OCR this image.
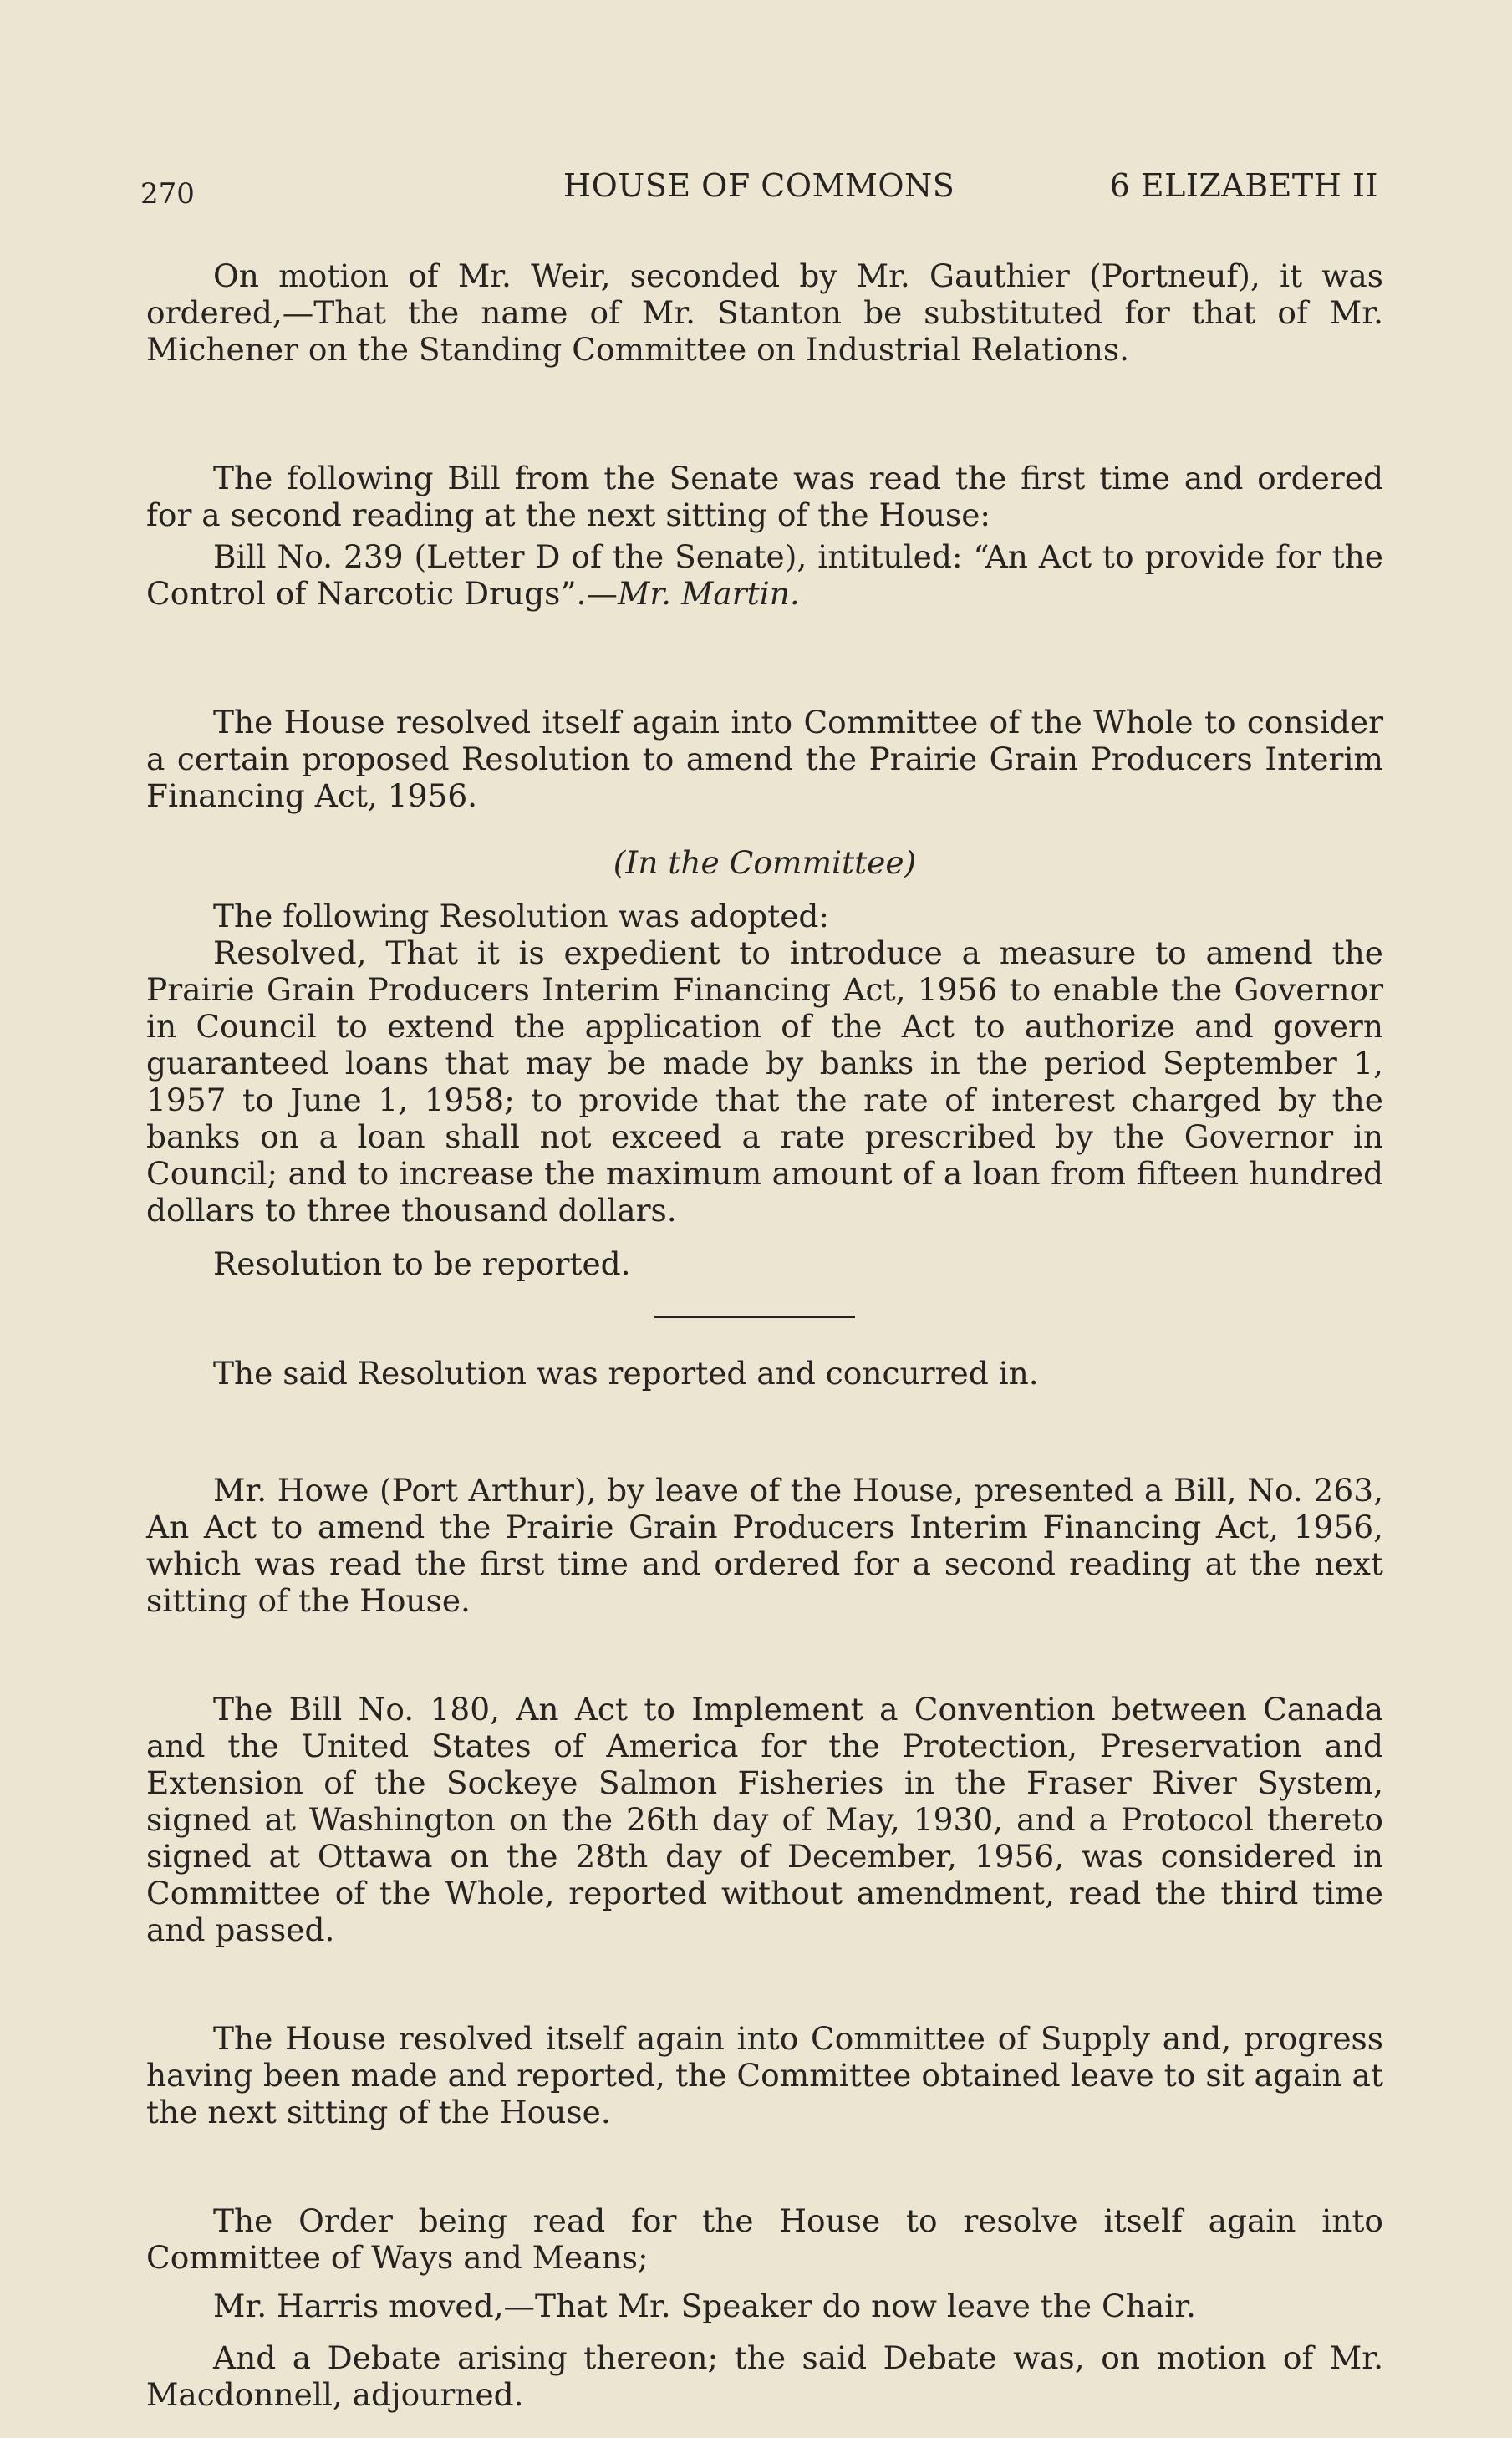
270	HOUSE OF COMMONS	6 ELIZABETH II

On motion of Mr. Weir, seconded by Mr. Gauthier (Portneuf), it was ordered,—That the name of Mr. Stanton be substituted for that of Mr. Michener on the Standing Committee on Industrial Relations.

The following Bill from the Senate was read the first time and ordered for a second reading at the next sitting of the House:

Bill No. 239 (Letter D of the Senate), intituled: “An Act to provide for the Control of Narcotic Drugs”.—Mr. Martin.

The House resolved itself again into Committee of the Whole to consider a certain proposed Resolution to amend the Prairie Grain Producers Interim Financing Act, 1956.

(In the Committee)

The following Resolution was adopted:

Resolved, That it is expedient to introduce a measure to amend the Prairie Grain Producers Interim Financing Act, 1956 to enable the Governor in Council to extend the application of the Act to authorize and govern guaranteed loans that may be made by banks in the period September 1, 1957 to June 1, 1958; to provide that the rate of interest charged by the banks on a loan shall not exceed a rate prescribed by the Governor in Council; and to increase the maximum amount of a loan from fifteen hundred dollars to three thousand dollars.

Resolution to be reported.

The said Resolution was reported and concurred in.

Mr. Howe (Port Arthur), by leave of the House, presented a Bill, No. 263, An Act to amend the Prairie Grain Producers Interim Financing Act, 1956, which was read the first time and ordered for a second reading at the next sitting of the House.

The Bill No. 180, An Act to Implement a Convention between Canada and the United States of America for the Protection, Preservation and Extension of the Sockeye Salmon Fisheries in the Fraser River System, signed at Washington on the 26th day of May, 1930, and a Protocol thereto signed at Ottawa on the 28th day of December, 1956, was considered in Committee of the Whole, reported without amendment, read the third time and passed.

The House resolved itself again into Committee of Supply and, progress having been made and reported, the Committee obtained leave to sit again at the next sitting of the House.

The Order being read for the House to resolve itself again into Committee of Ways and Means;

Mr. Harris moved,—That Mr. Speaker do now leave the Chair.

And a Debate arising thereon; the said Debate was, on motion of Mr. Macdonnell, adjourned.
